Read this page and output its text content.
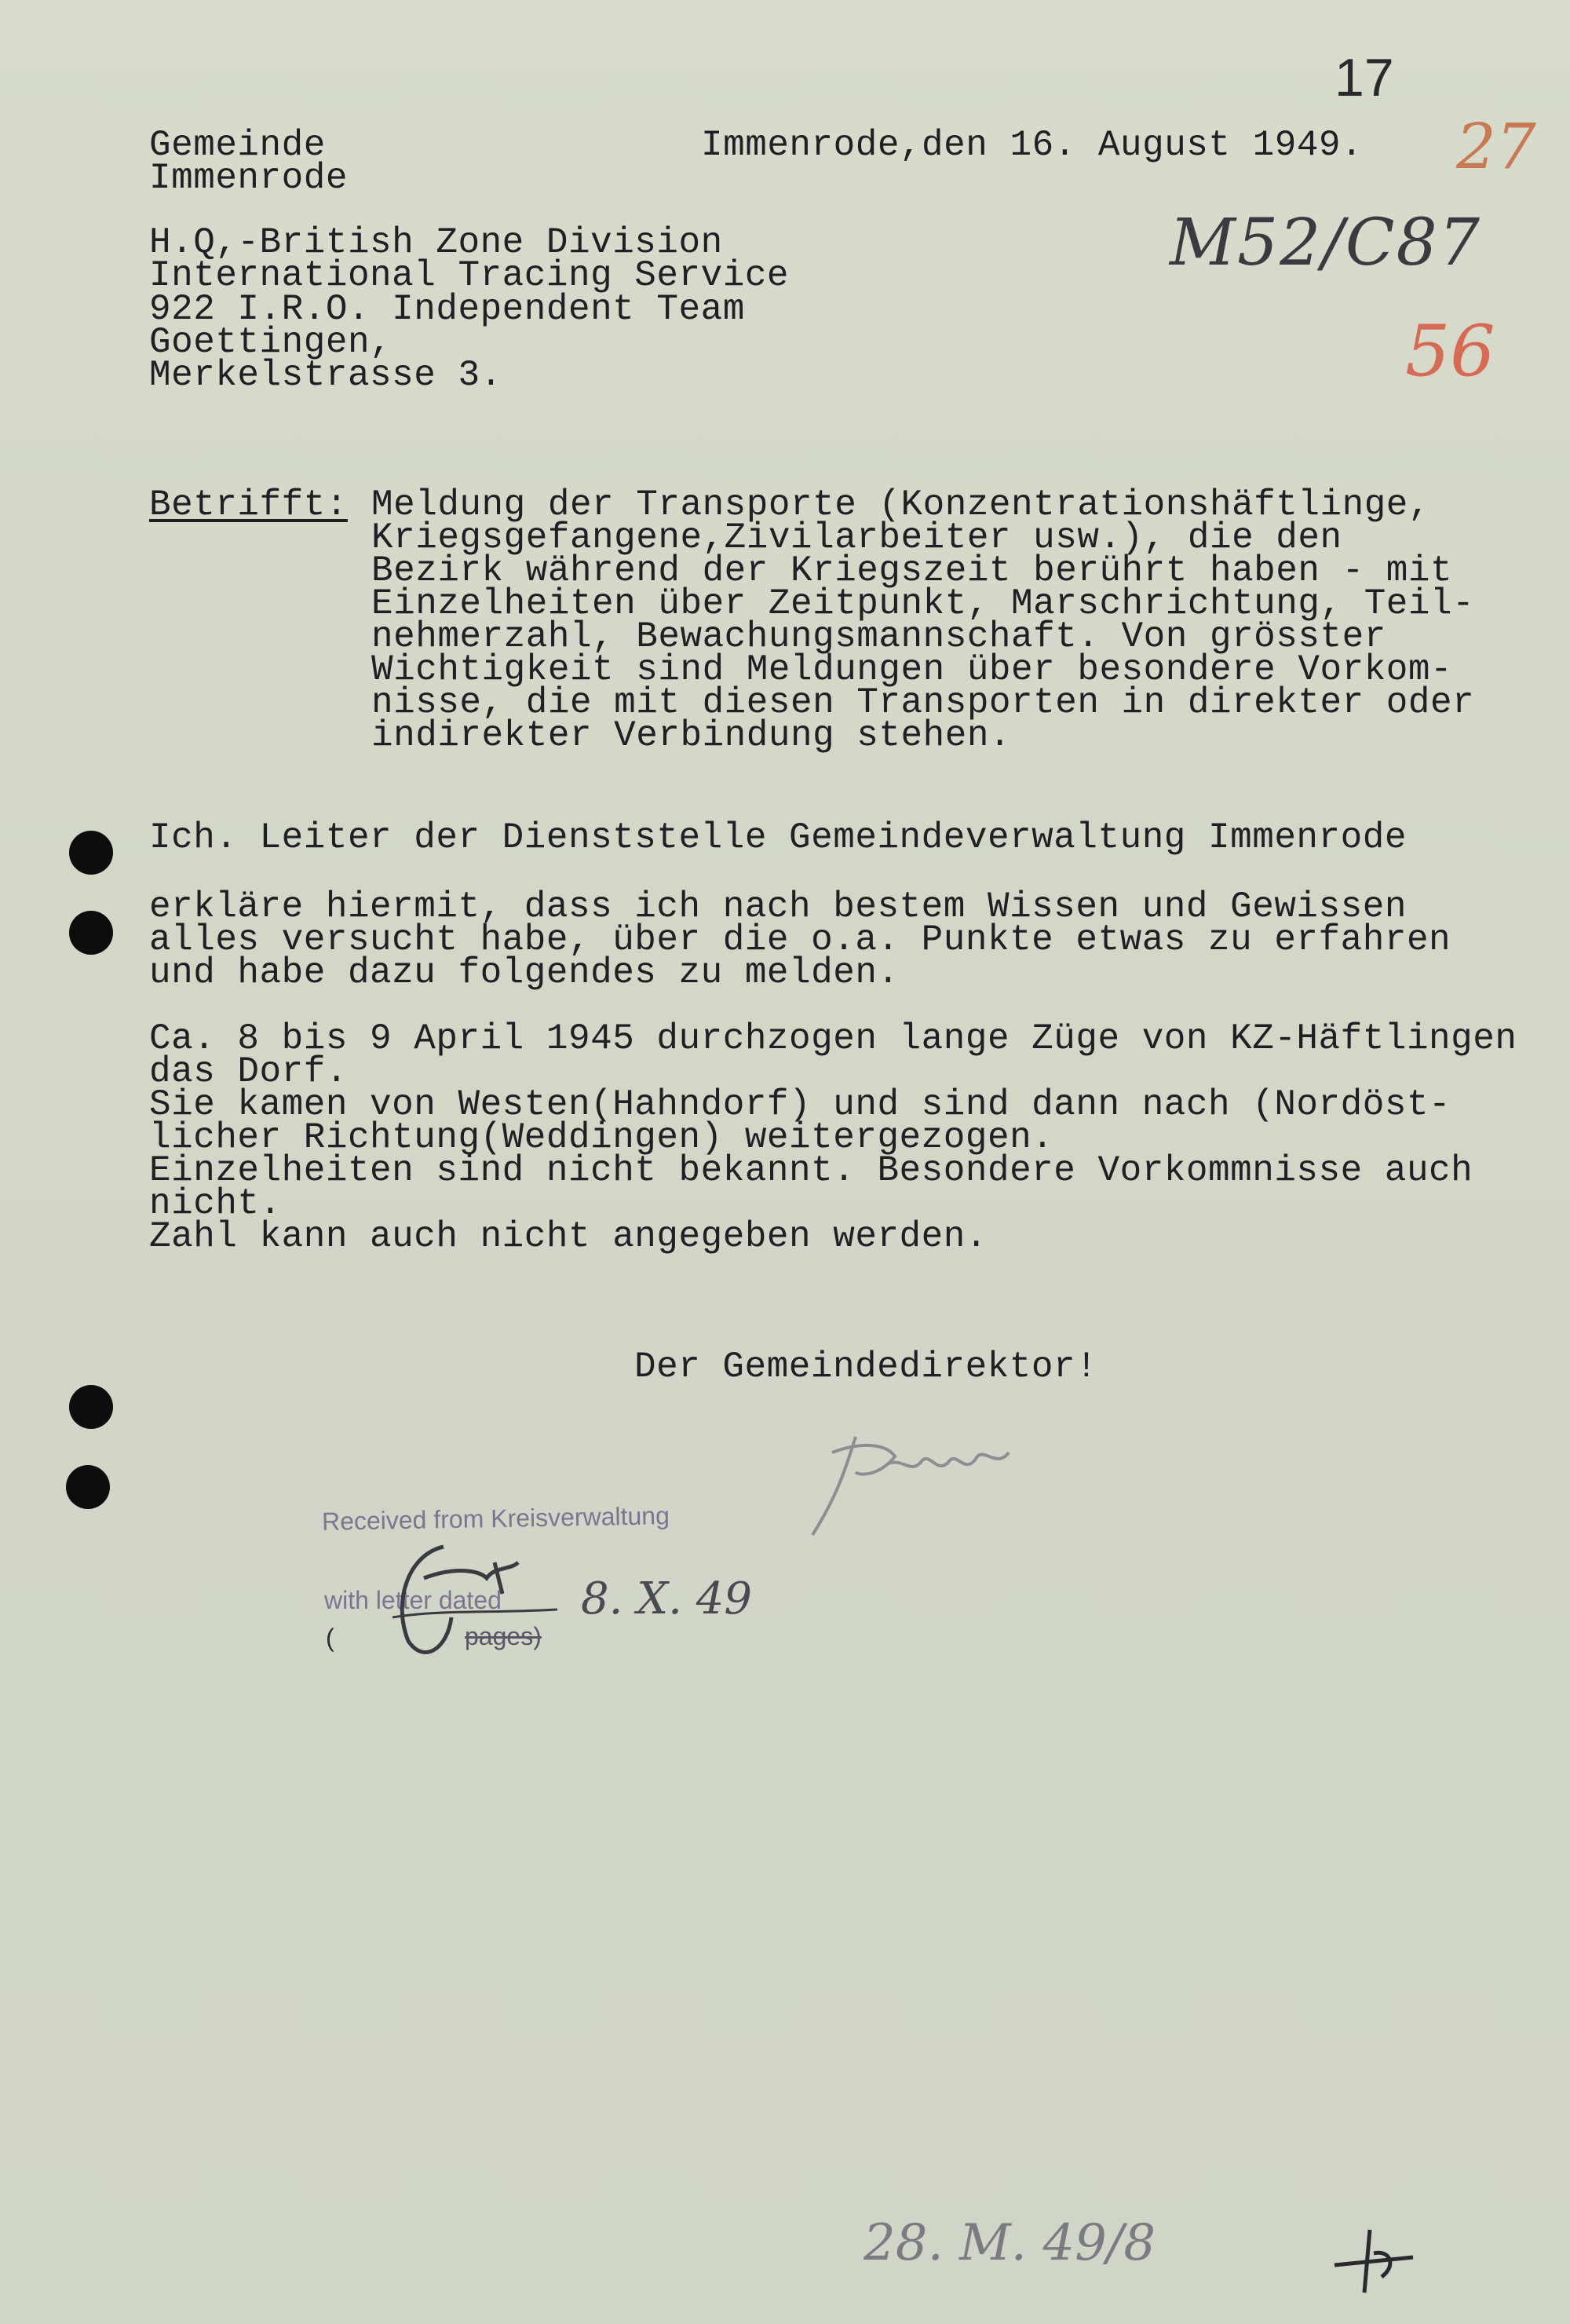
17
27
M52/C87
56
Gemeinde
Immenrode
Immenrode,den 16. August 1949.
H.Q,-British Zone Division
International Tracing Service
922 I.R.O. Independent Team
Goettingen,
Merkelstrasse 3.
Betrifft: Meldung der Transporte (Konzentrationshäftlinge,
Kriegsgefangene,Zivilarbeiter usw.), die den
Bezirk während der Kriegszeit berührt haben - mit
Einzelheiten über Zeitpunkt, Marschrichtung, Teil-
nehmerzahl, Bewachungsmannschaft. Von grösster
Wichtigkeit sind Meldungen über besondere Vorkom-
nisse, die mit diesen Transporten in direkter oder
indirekter Verbindung stehen.
Ich. Leiter der Dienststelle Gemeindeverwaltung Immenrode
erkläre hiermit, dass ich nach bestem Wissen und Gewissen
alles versucht habe, über die o.a. Punkte etwas zu erfahren
und habe dazu folgendes zu melden.
Ca. 8 bis 9 April 1945 durchzogen lange Züge von KZ-Häftlingen
das Dorf.
Sie kamen von Westen(Hahndorf) und sind dann nach (Nordöst-
licher Richtung(Weddingen) weitergezogen.
Einzelheiten sind nicht bekannt. Besondere Vorkommnisse auch
nicht.
Zahl kann auch nicht angegeben werden.
Der Gemeindedirektor!
Received from Kreisverwaltung
with letter dated
(	pages)
8. X. 49
28. M. 49/8
